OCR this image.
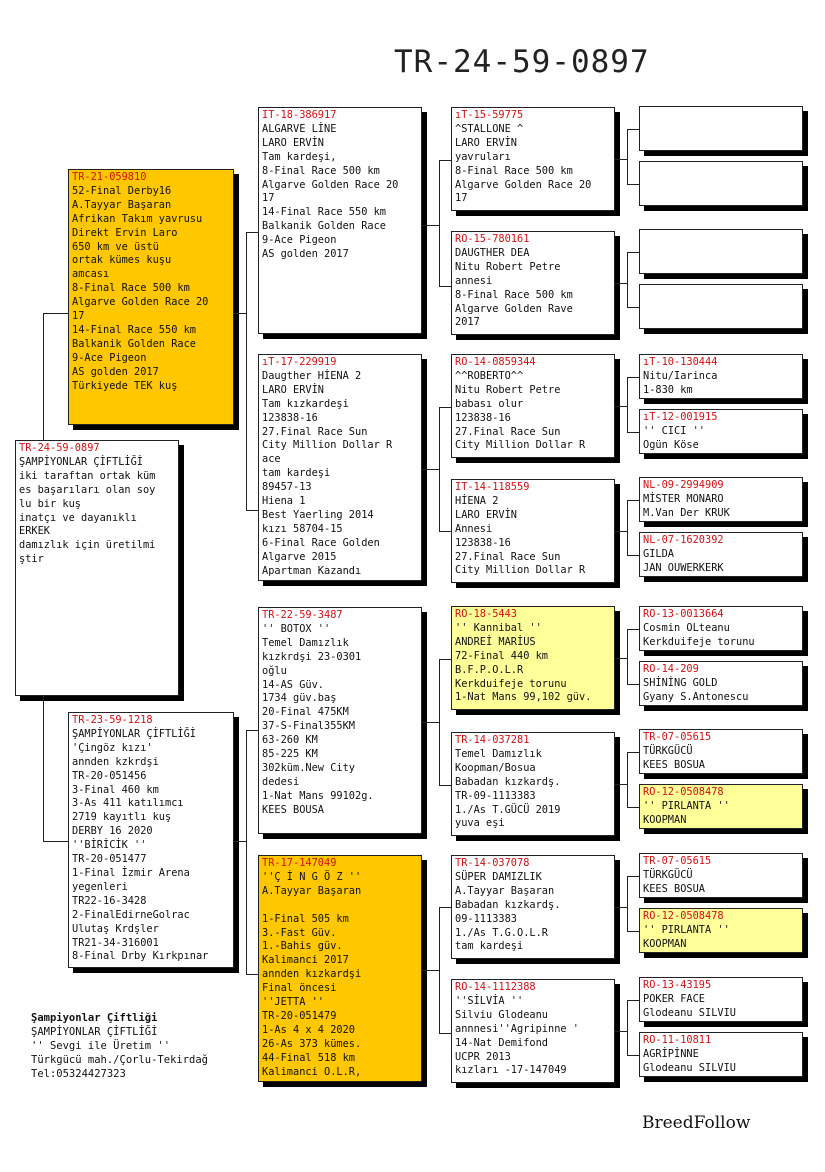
TR-24-59-0897
TR-24-59-0897
ŞAMPİYONLAR ÇİFTLİĞİ
iki taraftan ortak küm
es başarıları olan soy
lu bir kuş
inatçı ve dayanıklı
ERKEK
damızlık için üretilmi
ştir
TR-21-059810
52-Final Derby16
A.Tayyar Başaran
Afrikan Takım yavrusu
Direkt Ervin Laro
650 km ve üstü
ortak kümes kuşu
amcası
8-Final Race 500 km
Algarve Golden Race 20
17
14-Final Race 550 km
Balkanik Golden Race
9-Ace Pigeon
AS golden 2017
Türkiyede TEK kuş
TR-23-59-1218
ŞAMPİYONLAR ÇİFTLİĞİ
'Çingöz kızı'
annden kzkrdşi
TR-20-051456
3-Final 460 km
3-As 411 katılımcı
2719 kayıtlı kuş
DERBY 16 2020
''BİRİCİK ''
TR-20-051477
1-Final İzmir Arena
yegenleri
TR22-16-3428
2-FinalEdirneGolrac
Ulutaş Krdşler
TR21-34-316001
8-Final Drby Kırkpınar
IT-18-386917
ALGARVE LİNE
LARO ERVİN
Tam kardeşi,
8-Final Race 500 km
Algarve Golden Race 20
17
14-Final Race 550 km
Balkanik Golden Race
9-Ace Pigeon
AS golden 2017
ıT-17-229919
Daugther HİENA 2
LARO ERVİN
Tam kızkardeşi
123838-16
27.Final Race Sun
City Million Dollar R
ace
tam kardeşi
89457-13
Hiena 1
Best Yaerling 2014
kızı 58704-15
6-Final Race Golden
Algarve 2015
Apartman Kazandı
TR-22-59-3487
'' BOTOX ''
Temel Damızlık
kızkrdşi 23-0301
oğlu
14-AS Güv.
1734 güv.baş
20-Final 475KM
37-S-Final355KM
63-260 KM
85-225 KM
302küm.New City
dedesi
1-Nat Mans 99102g.
KEES BOUSA
TR-17-147049
''Ç İ N G Ö Z ''
A.Tayyar Başaran
1-Final 505 km
3.-Fast Güv.
1.-Bahis güv.
Kalimanci 2017
annden kızkardşi
Final öncesi
''JETTA ''
TR-20-051479
1-As 4 x 4 2020
26-As 373 kümes.
44-Final 518 km
Kalimanci O.L.R,
ıT-15-59775
^STALLONE ^
LARO ERVİN
yavruları
8-Final Race 500 km
Algarve Golden Race 20
17
RO-15-780161
DAUGTHER DEA
Nitu Robert Petre
annesi
8-Final Race 500 km
Algarve Golden Rave
2017
RO-14-0859344
^^ROBERTO^^
Nitu Robert Petre
babası olur
123838-16
27.Final Race Sun
City Million Dollar R
IT-14-118559
HİENA 2
LARO ERVİN
Annesi
123838-16
27.Final Race Sun
City Million Dollar R
RO-18-5443
'' Kannibal ''
ANDREİ MARİUS
72-Final 440 km
B.F.P.O.L.R
Kerkduifeje torunu
1-Nat Mans 99,102 güv.
TR-14-037281
Temel Damızlık
Koopman/Bosua
Babadan kızkardş.
TR-09-1113383
1./As T.GÜCÜ 2019
yuva eşi
TR-14-037078
SÜPER DAMIZLIK
A.Tayyar Başaran
Babadan kızkardş.
09-1113383
1./As T.G.O.L.R
tam kardeşi
RO-14-1112388
''SİLVİA ''
Silviu Glodeanu
annnesi''Agripinne '
14-Nat Demifond
UCPR 2013
kızları -17-147049
ıT-10-130444
Nitu/Iarinca
1-830 km
ıT-12-001915
'' CICI ''
Ogün Köse
NL-09-2994909
MİSTER MONARO
M.Van Der KRUK
NL-07-1620392
GILDA
JAN OUWERKERK
RO-13-0013664
Cosmin OLteanu
Kerkduifeje torunu
RO-14-209
SHİNİNG GOLD
Gyany S.Antonescu
TR-07-05615
TÜRKGÜCÜ
KEES BOSUA
RO-12-0508478
'' PIRLANTA ''
KOOPMAN
TR-07-05615
TÜRKGÜCÜ
KEES BOSUA
RO-12-0508478
'' PIRLANTA ''
KOOPMAN
RO-13-43195
POKER FACE
Glodeanu SILVIU
RO-11-10811
AGRİPİNNE
Glodeanu SILVIU
Şampiyonlar Çiftliği
ŞAMPİYONLAR ÇİFTLİĞİ
'' Sevgi ile Üretim ''
Türkgücü mah./Çorlu-Tekirdağ
Tel:05324427323
BreedFollow
